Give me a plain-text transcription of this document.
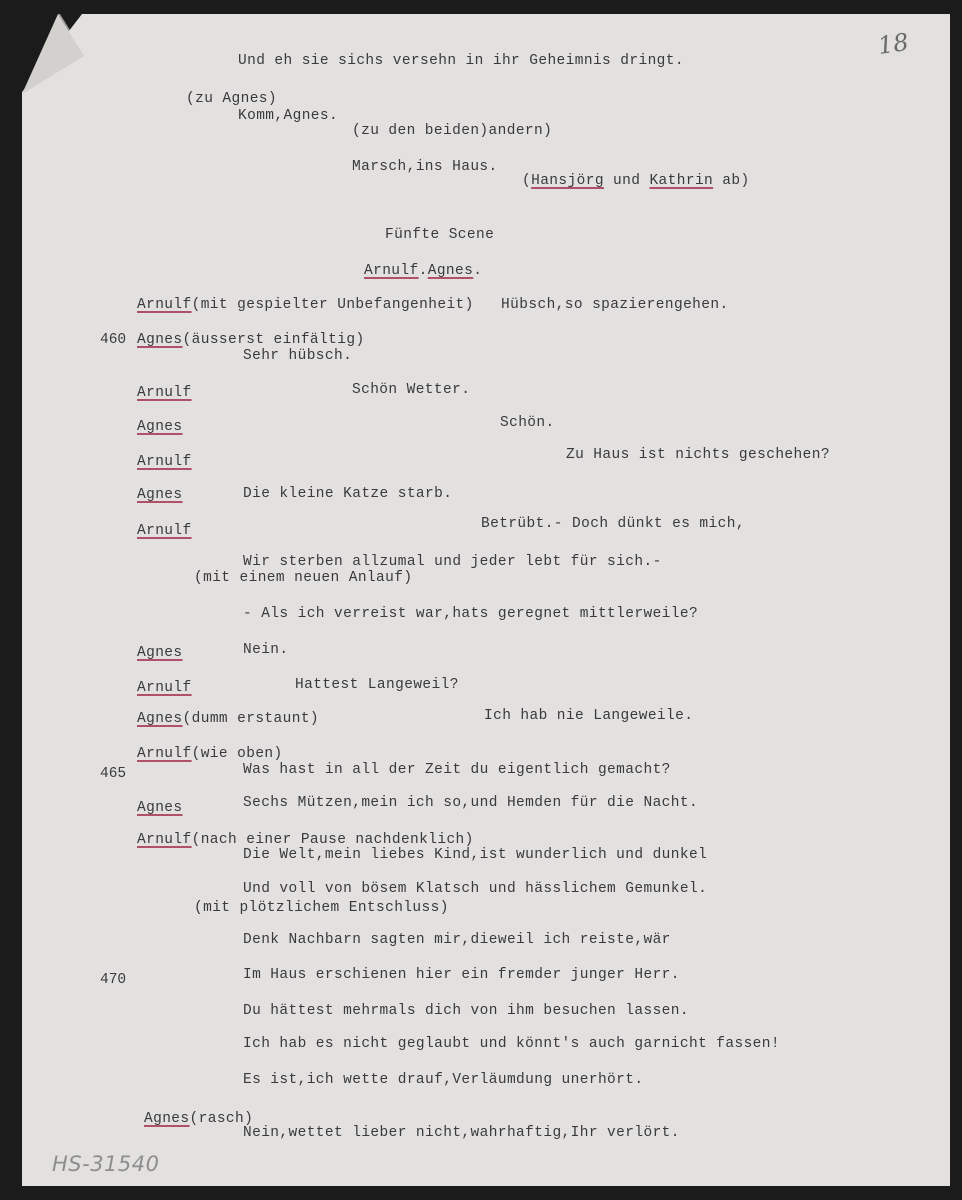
18
HS-31540
460
465
470
Und eh sie sichs versehn in ihr Geheimnis dringt.
(zu Agnes)
Komm,Agnes.
(zu den beiden)andern)
Marsch,ins Haus.
(Hansjörg und Kathrin ab)
Fünfte Scene
Arnulf.Agnes.
Arnulf(mit gespielter Unbefangenheit)   Hübsch,so spazierengehen.
Agnes(äusserst einfältig)
Sehr hübsch.
Arnulf	Schön Wetter.
Agnes	Schön.
Arnulf	Zu Haus ist nichts geschehen?
Agnes	Die kleine Katze starb.
Arnulf	Betrübt.- Doch dünkt es mich,
Wir sterben allzumal und jeder lebt für sich.-
(mit einem neuen Anlauf)
- Als ich verreist war,hats geregnet mittlerweile?
Agnes	Nein.
Arnulf	Hattest Langeweil?
Agnes(dumm erstaunt)	Ich hab nie Langeweile.
Arnulf(wie oben)
Was hast in all der Zeit du eigentlich gemacht?
Agnes	Sechs Mützen,mein ich so,und Hemden für die Nacht.
Arnulf(nach einer Pause nachdenklich)
Die Welt,mein liebes Kind,ist wunderlich und dunkel
Und voll von bösem Klatsch und hässlichem Gemunkel.
(mit plötzlichem Entschluss)
Denk Nachbarn sagten mir,dieweil ich reiste,wär
Im Haus erschienen hier ein fremder junger Herr.
Du hättest mehrmals dich von ihm besuchen lassen.
Ich hab es nicht geglaubt und könnt's auch garnicht fassen!
Es ist,ich wette drauf,Verläumdung unerhört.
Agnes(rasch)
Nein,wettet lieber nicht,wahrhaftig,Ihr verlört.
